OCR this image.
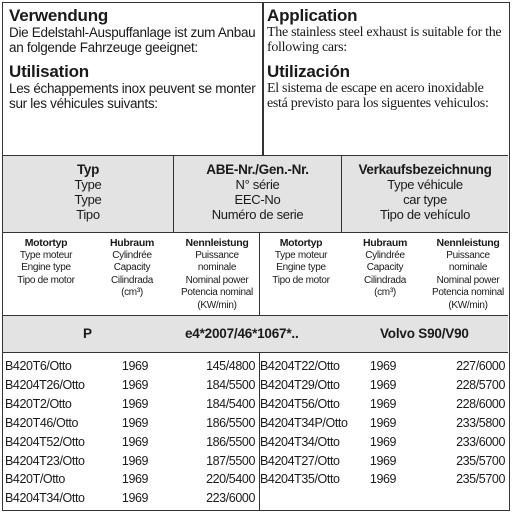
Verwendung
Die Edelstahl-Auspuffanlage ist zum Anbau an folgende Fahrzeuge geeignet:
Utilisation
Les échappements inox peuvent se monter sur les véhicules suivants:
Application
The stainless steel exhaust is suitable for the following cars:
Utilización
El sistema de escape en acero inoxidable está previsto para los siguentes vehiculos:
Typ
Type
Type
Tipo
ABE-Nr./Gen.-Nr.
N° série
EEC-No
Numéro de serie
Verkaufsbezeichnung
Type véhicule
car type
Tipo de vehículo
Motortyp
Type moteur
Engine type
Tipo de motor
Hubraum
Cylindrée
Capacity
Cilindrada
(cm³)
Nennleistung
Puissance nominale
Nominal power
Potencia nominal
(KW/min)
Motortyp
Type moteur
Engine type
Tipo de motor
Hubraum
Cylindrée
Capacity
Cilindrada
(cm³)
Nennleistung
Puissance nominale
Nominal power
Potencia nominal
(KW/min)
P	e4*2007/46*1067*..	Volvo S90/V90
B420T6/Otto	1969	145/4800
B4204T26/Otto	1969	184/5500
B420T2/Otto	1969	184/5400
B420T46/Otto	1969	186/5500
B4204T52/Otto	1969	186/5500
B4204T23/Otto	1969	187/5500
B420T/Otto	1969	220/5400
B4204T34/Otto	1969	223/6000
B4204T22/Otto	1969	227/6000
B4204T29/Otto	1969	228/5700
B4204T56/Otto	1969	228/6000
B4204T34P/Otto	1969	233/5800
B4204T34/Otto	1969	233/6000
B4204T27/Otto	1969	235/5700
B4204T35/Otto	1969	235/5700
